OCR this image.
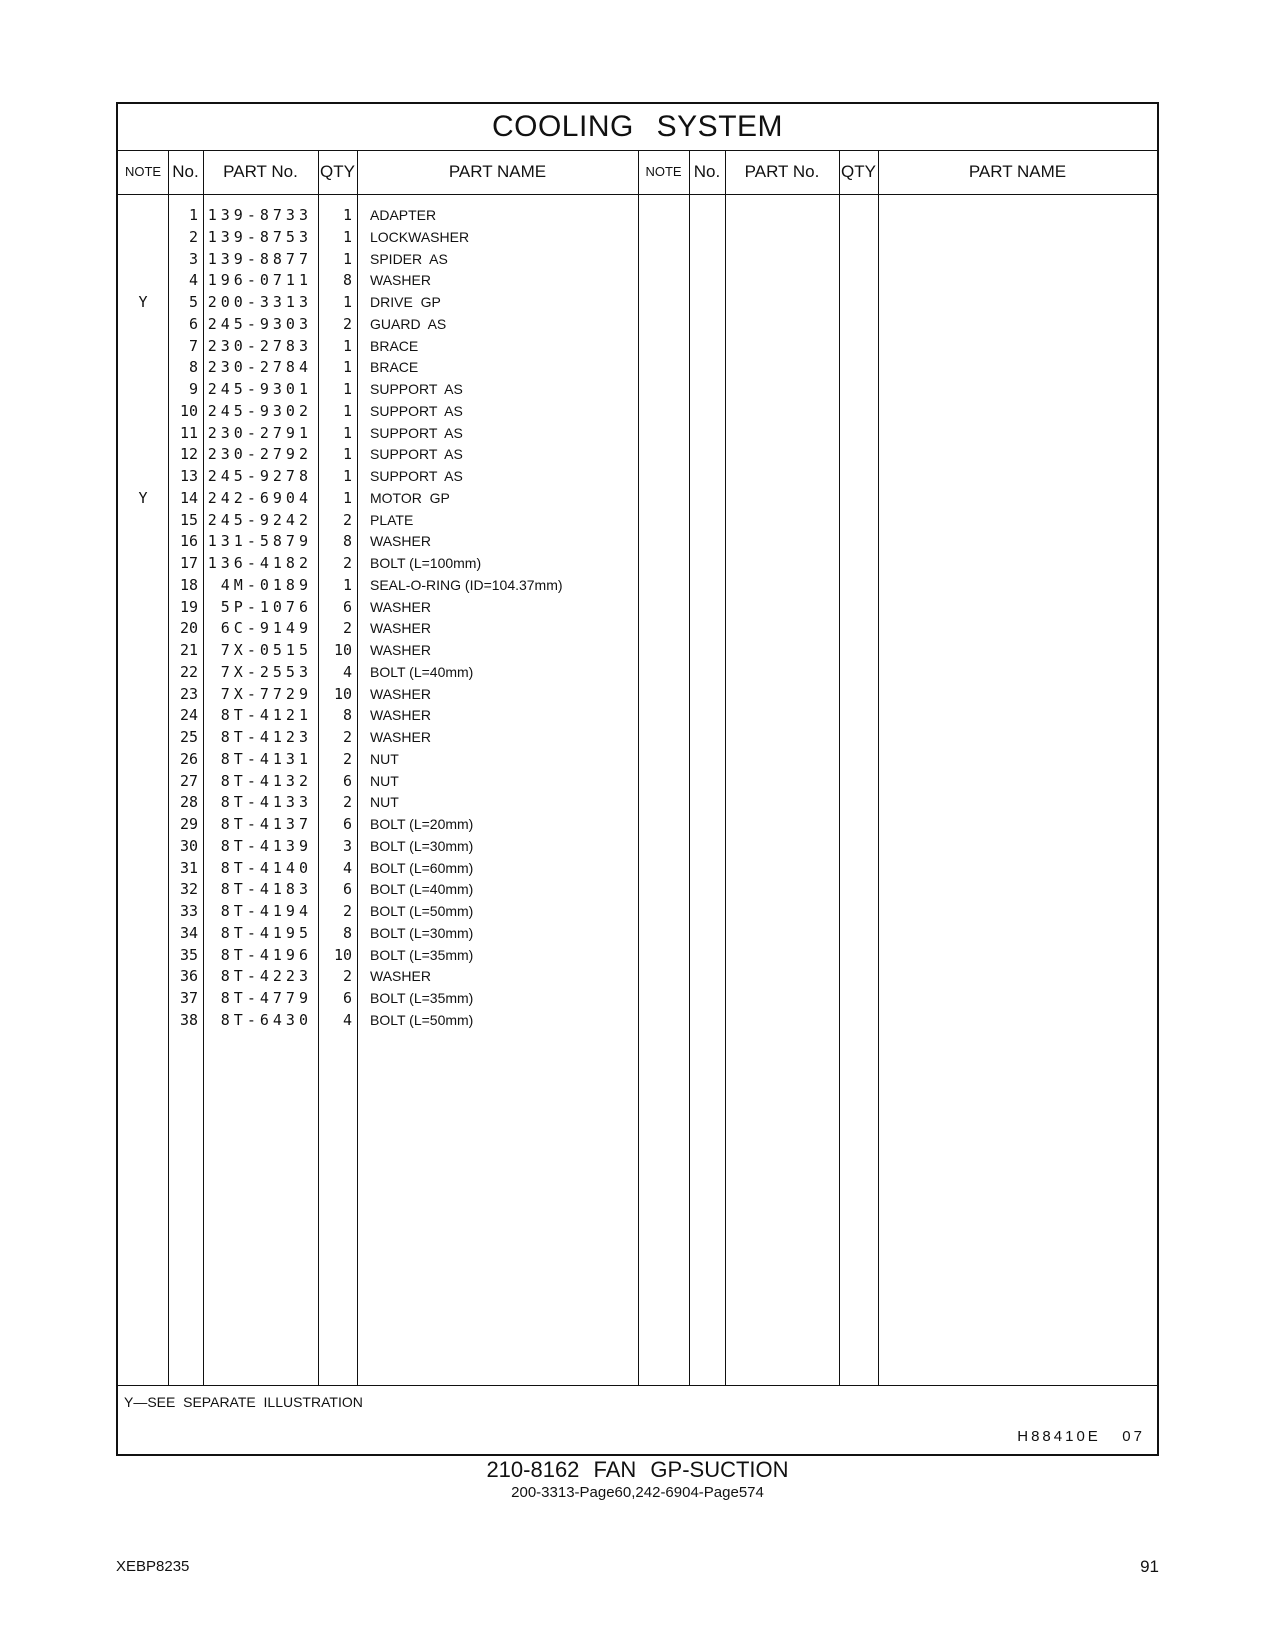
COOLING SYSTEM
NOTE No.	PART No.	QTY	PART NAME	NOTE No.	PART No.	QTY	PART NAME
1 139-8733	1 ADAPTER
2 139-8753	1 LOCKWASHER
3 139-8877	1 SPIDER  AS
4 196-0711	8 WASHER
Y	5 200-3313	1 DRIVE  GP
6 245-9303	2 GUARD  AS
7 230-2783	1 BRACE
8 230-2784	1 BRACE
9 245-9301	1 SUPPORT  AS
10 245-9302	1 SUPPORT  AS
11 230-2791	1 SUPPORT  AS
12 230-2792	1 SUPPORT  AS
13 245-9278	1 SUPPORT  AS
Y	14 242-6904	1 MOTOR  GP
15 245-9242	2 PLATE
16 131-5879	8 WASHER
17 136-4182	2 BOLT (L=100mm)
18	4M-0189	1 SEAL-O-RING (ID=104.37mm)
19	5P-1076	6 WASHER
20	6C-9149	2 WASHER
21	7X-0515	10 WASHER
22	7X-2553	4 BOLT (L=40mm)
23	7X-7729	10 WASHER
24	8T-4121	8 WASHER
25	8T-4123	2 WASHER
26	8T-4131	2 NUT
27	8T-4132	6 NUT
28	8T-4133	2 NUT
29	8T-4137	6 BOLT (L=20mm)
30	8T-4139	3 BOLT (L=30mm)
31	8T-4140	4 BOLT (L=60mm)
32	8T-4183	6 BOLT (L=40mm)
33	8T-4194	2 BOLT (L=50mm)
34	8T-4195	8 BOLT (L=30mm)
35	8T-4196	10 BOLT (L=35mm)
36	8T-4223	2 WASHER
37	8T-4779	6 BOLT (L=35mm)
38	8T-6430	4 BOLT (L=50mm)
Y—SEE  SEPARATE  ILLUSTRATION
H88410E   07
210-8162 FAN GP-SUCTION
200-3313-Page60,242-6904-Page574
XEBP8235	91
